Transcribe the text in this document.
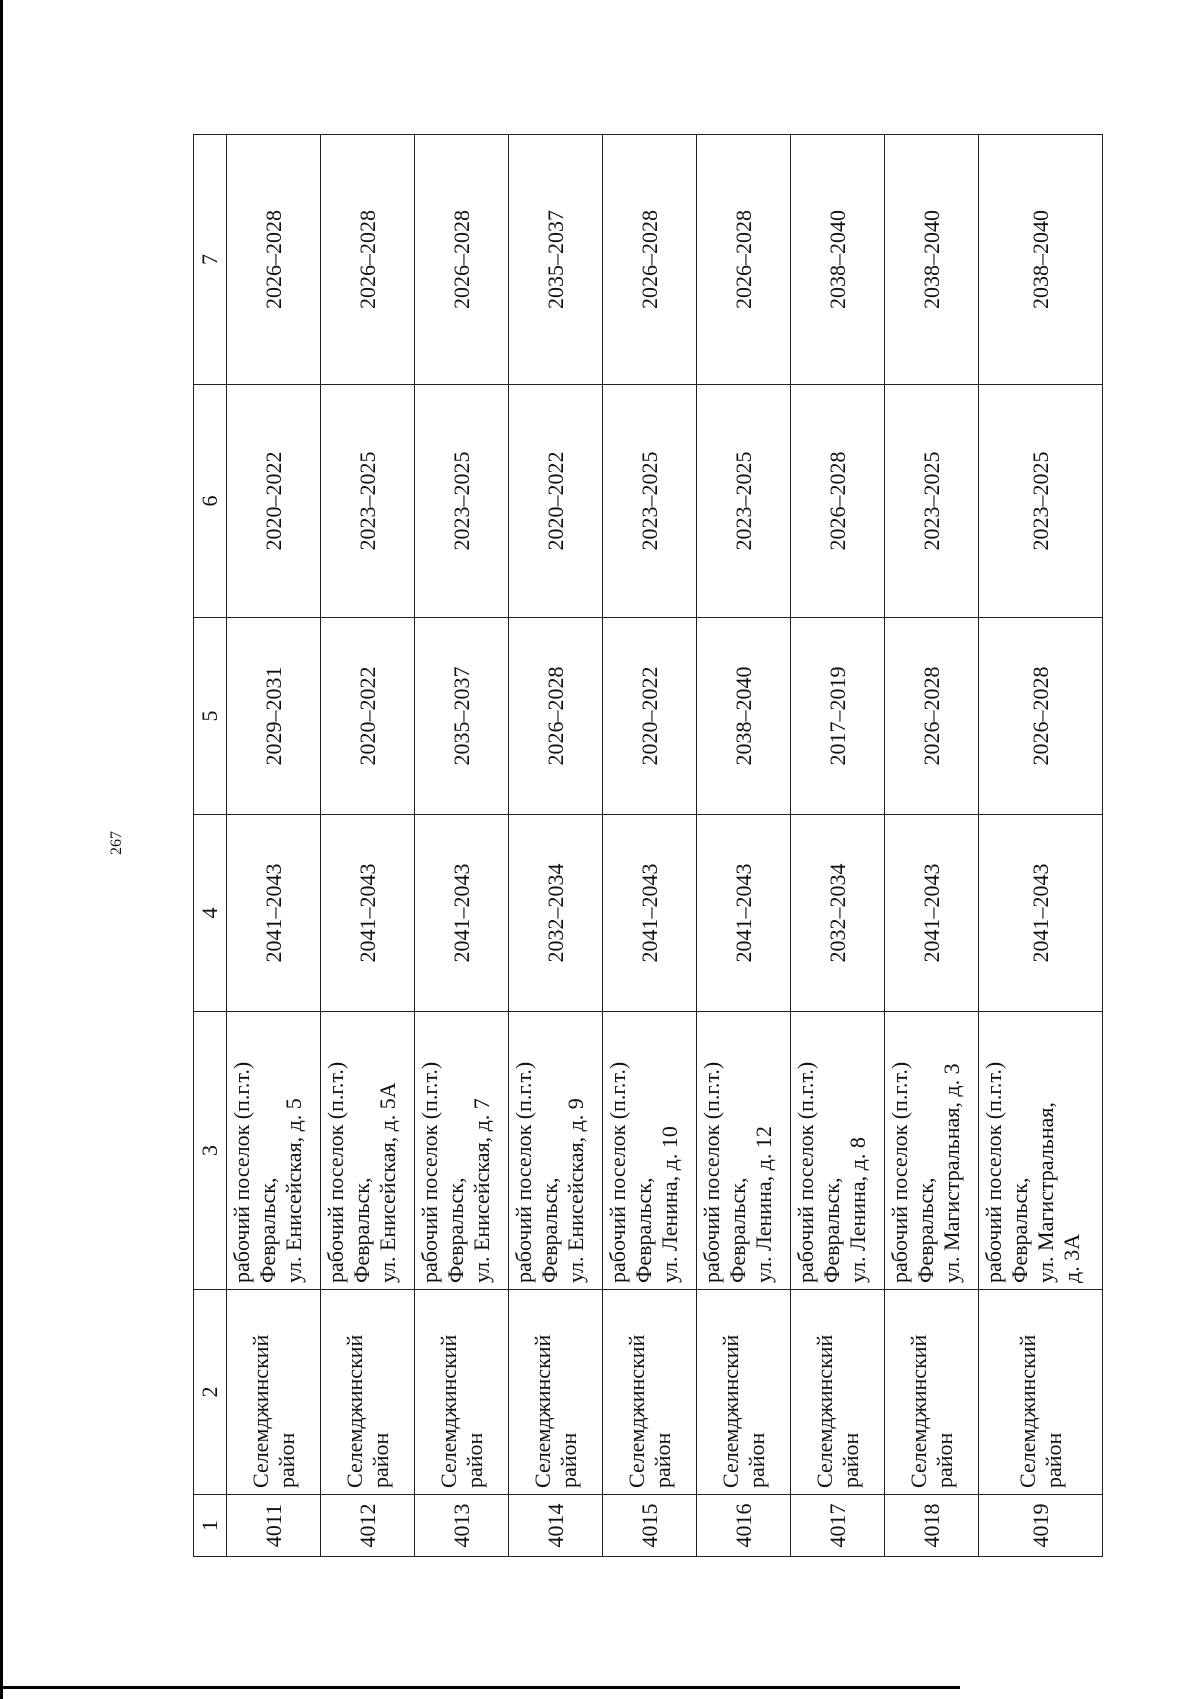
267
1	2	3	4	5	6	7
4011	Селемджинский район	рабочий поселок (п.г.т.) Февральск, ул. Енисейская, д. 5	2041–2043	2029–2031	2020–2022	2026–2028
4012	Селемджинский район	рабочий поселок (п.г.т.) Февральск, ул. Енисейская, д. 5А	2041–2043	2020–2022	2023–2025	2026–2028
4013	Селемджинский район	рабочий поселок (п.г.т.) Февральск, ул. Енисейская, д. 7	2041–2043	2035–2037	2023–2025	2026–2028
4014	Селемджинский район	рабочий поселок (п.г.т.) Февральск, ул. Енисейская, д. 9	2032–2034	2026–2028	2020–2022	2035–2037
4015	Селемджинский район	рабочий поселок (п.г.т.) Февральск, ул. Ленина, д. 10	2041–2043	2020–2022	2023–2025	2026–2028
4016	Селемджинский район	рабочий поселок (п.г.т.) Февральск, ул. Ленина, д. 12	2041–2043	2038–2040	2023–2025	2026–2028
4017	Селемджинский район	рабочий поселок (п.г.т.) Февральск, ул. Ленина, д. 8	2032–2034	2017–2019	2026–2028	2038–2040
4018	Селемджинский район	рабочий поселок (п.г.т.) Февральск, ул. Магистральная, д. 3	2041–2043	2026–2028	2023–2025	2038–2040
4019	Селемджинский район	рабочий поселок (п.г.т.) Февральск, ул. Магистральная, д. 3А	2041–2043	2026–2028	2023–2025	2038–2040
